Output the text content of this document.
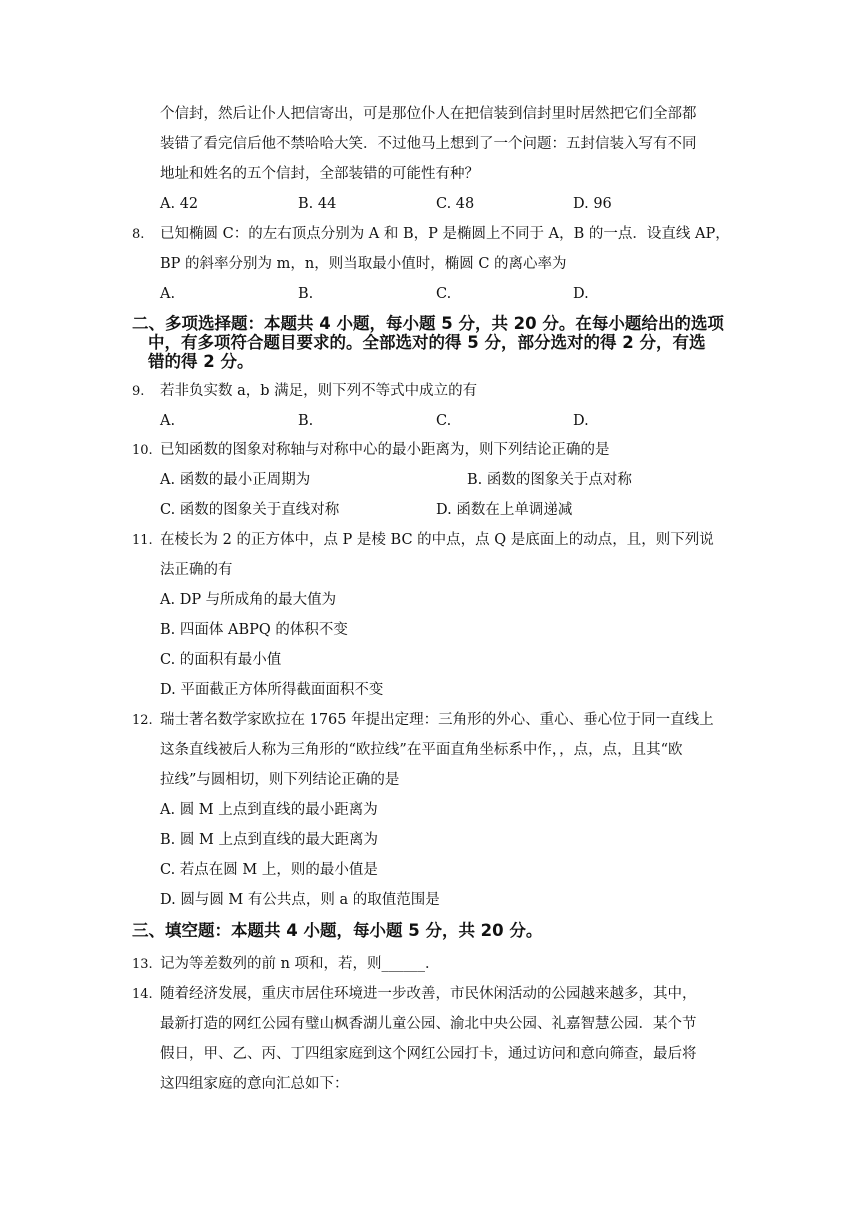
个信封，然后让仆人把信寄出，可是那位仆人在把信装到信封里时居然把它们全部都
装错了看完信后他不禁哈哈大笑．不过他马上想到了一个问题：五封信装入写有不同
地址和姓名的五个信封，全部装错的可能性有种？
A. 42	B. 44	C. 48	D. 96
8. 已知椭圆 C：的左右顶点分别为 A 和 B，P 是椭圆上不同于 A，B 的一点．设直线 AP，
BP 的斜率分别为 m，n，则当取最小值时，椭圆 C 的离心率为
A.	B.	C.	D.
二、多项选择题：本题共 4 小题，每小题 5 分，共 20 分。在每小题给出的选项
中，有多项符合题目要求的。全部选对的得 5 分，部分选对的得 2 分，有选
错的得 2 分。
9. 若非负实数 a，b 满足，则下列不等式中成立的有
A.	B.	C.	D.
10. 已知函数的图象对称轴与对称中心的最小距离为，则下列结论正确的是
A. 函数的最小正周期为	B. 函数的图象关于点对称
C. 函数的图象关于直线对称	D. 函数在上单调递减
11. 在棱长为 2 的正方体中，点 P 是棱 BC 的中点，点 Q 是底面上的动点，且，则下列说
法正确的有
A. DP 与所成角的最大值为
B. 四面体 ABPQ 的体积不变
C. 的面积有最小值
D. 平面截正方体所得截面面积不变
12. 瑞士著名数学家欧拉在 1765 年提出定理：三角形的外心、重心、垂心位于同一直线上
这条直线被后人称为三角形的“欧拉线”在平面直角坐标系中作，，点，点，且其“欧
拉线”与圆相切，则下列结论正确的是
A. 圆 M 上点到直线的最小距离为
B. 圆 M 上点到直线的最大距离为
C. 若点在圆 M 上，则的最小值是
D. 圆与圆 M 有公共点，则 a 的取值范围是
三、填空题：本题共 4 小题，每小题 5 分，共 20 分。
13. 记为等差数列的前 n 项和，若，则______．
14. 随着经济发展，重庆市居住环境进一步改善，市民休闲活动的公园越来越多，其中，
最新打造的网红公园有璧山枫香湖儿童公园、渝北中央公园、礼嘉智慧公园．某个节
假日，甲、乙、丙、丁四组家庭到这个网红公园打卡，通过访问和意向筛查，最后将
这四组家庭的意向汇总如下：
